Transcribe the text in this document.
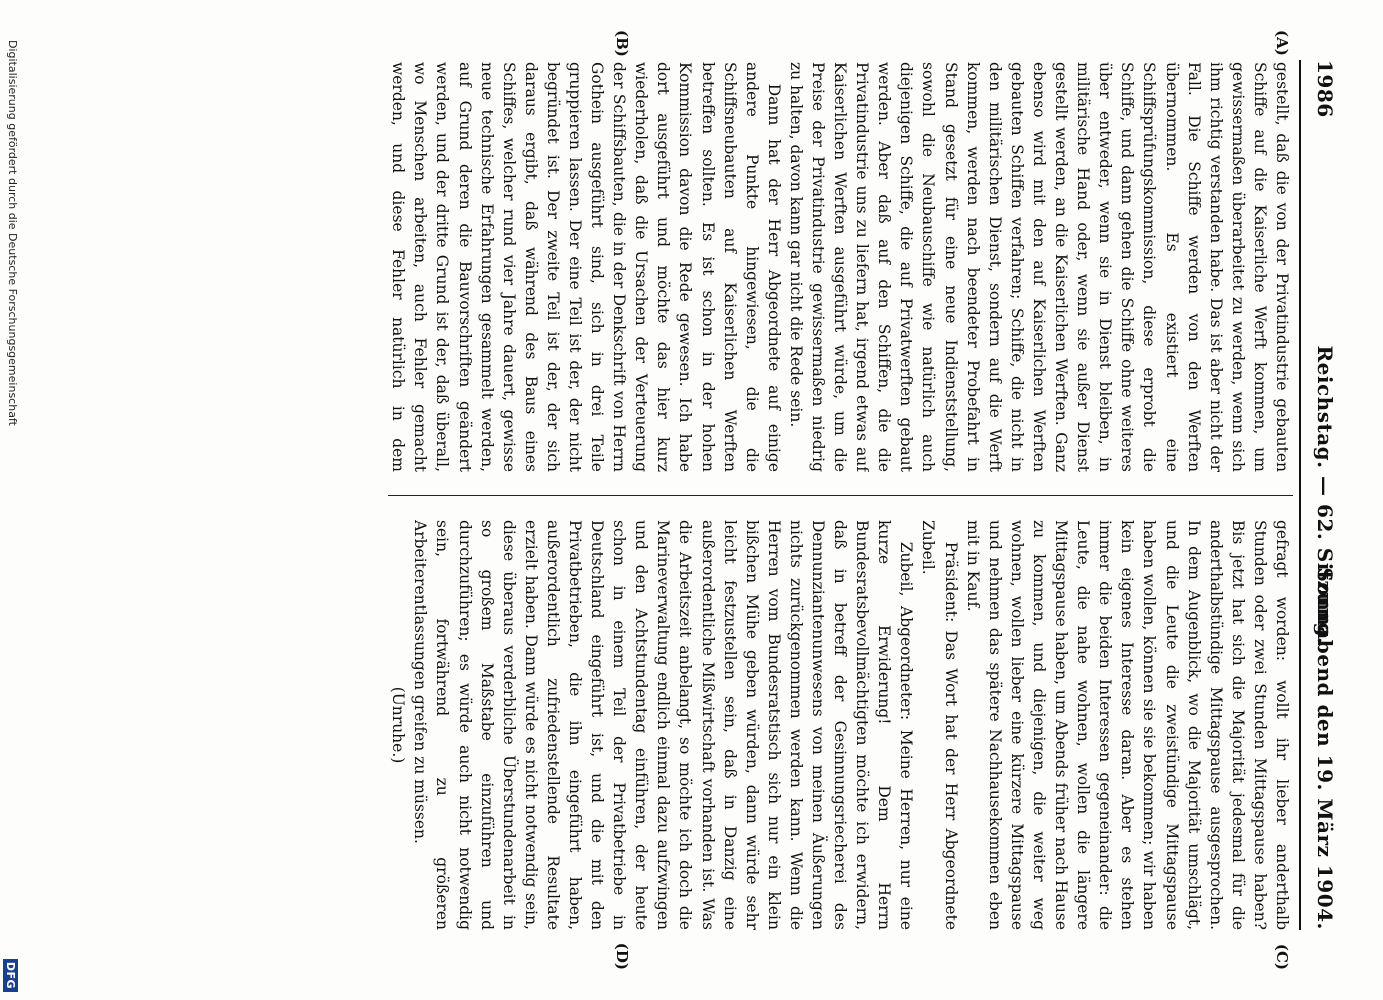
1986
Reichstag. — 62. Sitzung.
Sonnabend den 19. März 1904.
(A)
(B)
(C)
(D)

gestellt, daß die von der Privatindustrie gebauten Schiffe auf die Kaiserliche Werft kommen, um gewissermaßen überarbeitet zu werden, wenn sich ihm richtig verstanden habe. Das ist aber nicht der Fall. Die Schiffe werden von den Werften übernommen. Es existiert eine Schiffsprüfungskommission, diese erprobt die Schiffe, und dann gehen die Schiffe ohne weiteres über entweder, wenn sie in Dienst bleiben, in militärische Hand oder, wenn sie außer Dienst gestellt werden, an die Kaiserlichen Werften. Ganz ebenso wird mit den auf Kaiserlichen Werften gebauten Schiffen verfahren; Schiffe, die nicht in den militärischen Dienst, sondern auf die Werft kommen, werden nach beendeter Probefahrt in Stand gesetzt für eine neue Indienststellung, sowohl die Neubauschiffe wie natürlich auch diejenigen Schiffe, die auf Privatwerften gebaut werden. Aber daß auf den Schiffen, die die Privatindustrie uns zu liefern hat, irgend etwas auf Kaiserlichen Werften ausgeführt würde, um die Preise der Privatindustrie gewissermaßen niedrig zu halten, davon kann gar nicht die Rede sein.

Dann hat der Herr Abgeordnete auf einige andere Punkte hingewiesen, die die Schiffsneubauten auf Kaiserlichen Werften betreffen sollten. Es ist schon in der hohen Kommission davon die Rede gewesen. Ich habe dort ausgeführt und möchte das hier kurz wiederholen, daß die Ursachen der Verteuerung der Schiffsbauten, die in der Denkschrift von Herrn Gothein ausgeführt sind, sich in drei Teile gruppieren lassen. Der eine Teil ist der, der nicht begründet ist. Der zweite Teil ist der, der sich daraus ergibt, daß während des Baus eines Schiffes, welcher rund vier Jahre dauert, gewisse neue technische Erfahrungen gesammelt werden, auf Grund deren die Bauvorschriften geändert werden, und der dritte Grund ist der, daß überall, wo Menschen arbeiten, auch Fehler gemacht werden, und diese Fehler natürlich in dem

gefragt worden: wollt ihr lieber anderthalb Stunden oder zwei Stunden Mittagspause haben? Bis jetzt hat sich die Majorität jedesmal für die anderthalbstündige Mittagspause ausgesprochen. In dem Augenblick, wo die Majorität umschlägt, und die Leute die zweistündige Mittagspause haben wollen, können sie sie bekommen; wir haben kein eigenes Interesse daran. Aber es stehen immer die beiden Interessen gegeneinander: die Leute, die nahe wohnen, wollen die längere Mittagspause haben, um Abends früher nach Hause zu kommen, und diejenigen, die weiter weg wohnen, wollen lieber eine kürzere Mittagspause und nehmen das spätere Nachhausekommen eben mit in Kauf.

Präsident: Das Wort hat der Herr Abgeordnete Zubeil.

Zubeil, Abgeordneter: Meine Herren, nur eine kurze Erwiderung! Dem Herrn Bundesratsbevollmächtigten möchte ich erwidern, daß in betreff der Gesinnungsriecherei des Dennunziantenunwesens von meinen Äußerungen nichts zurückgenommen werden kann. Wenn die Herren vom Bundesratstisch sich nur ein klein bißchen Mühe geben würden, dann würde sehr leicht festzustellen sein, daß in Danzig eine außerordentliche Mißwirtschaft vorhanden ist. Was die Arbeitszeit anbelangt, so möchte ich doch die Marineverwaltung endlich einmal dazu aufzwingen und den Achtstundentag einführen, der heute schon in einem Teil der Privatbetriebe in Deutschland eingeführt ist, und die mit den Privatbetrieben, die ihn eingeführt haben, außerordentlich zufriedenstellende Resultate erzielt haben. Dann würde es nicht notwendig sein, diese überaus verderbliche Überstundenarbeit in so großem Maßstabe einzuführen und durchzuführen; es würde auch nicht notwendig sein, fortwährend zu größeren Arbeiterentlassungen greifen zu müssen.

(Unruhe.)

Digitalisierung gefördert durch die Deutsche Forschungsgemeinschaft
DFG
